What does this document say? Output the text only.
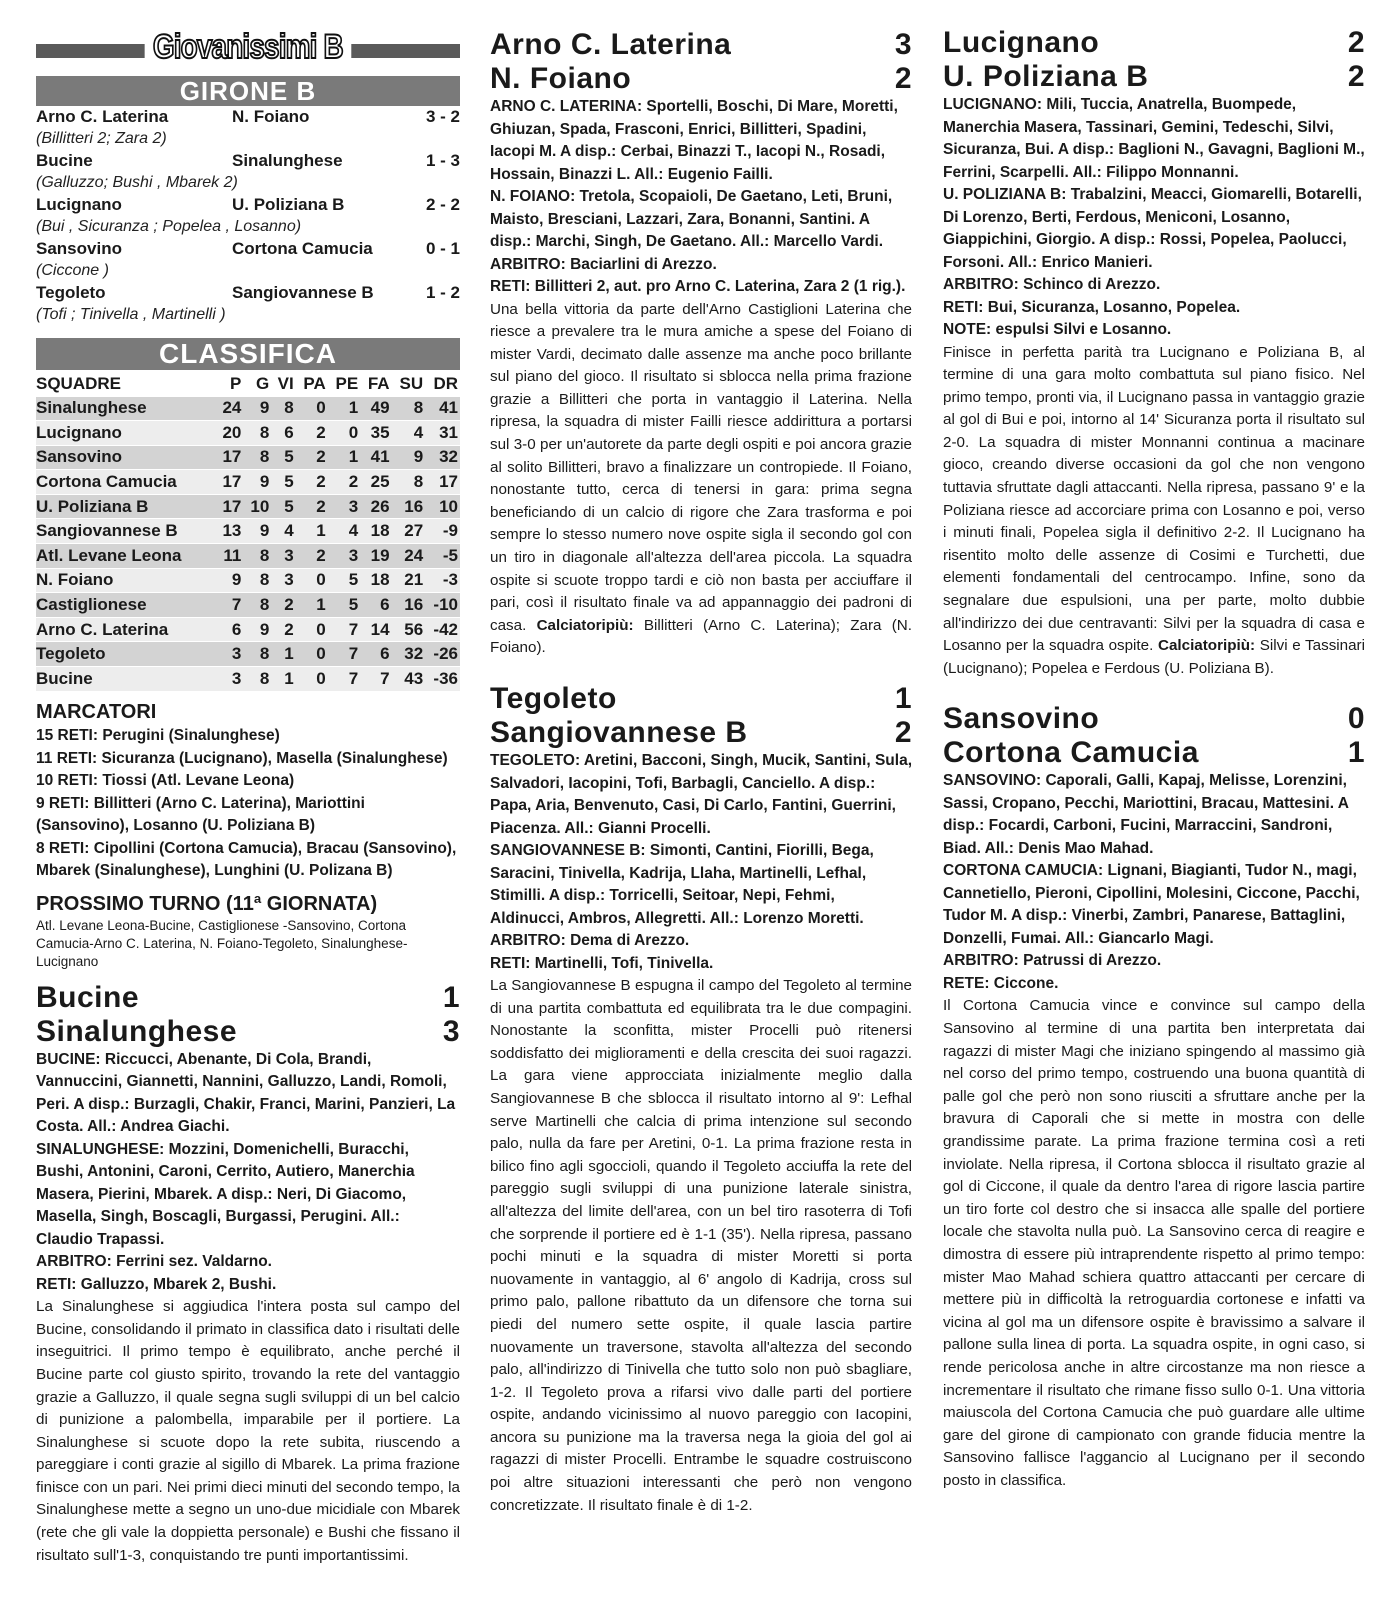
Giovanissimi B
GIRONE B
Arno C. Laterina	N. Foiano	3 - 2
(Billitteri 2; Zara 2)
Bucine	Sinalunghese	1 - 3
(Galluzzo; Bushi , Mbarek 2)
Lucignano	U. Poliziana B	2 - 2
(Bui , Sicuranza ; Popelea , Losanno)
Sansovino	Cortona Camucia	0 - 1
(Ciccone )
Tegoleto	Sangiovannese B	1 - 2
(Tofi ; Tinivella , Martinelli )
CLASSIFICA
SQUADRE	P	G	VI	PA	PE	FA	SU	DR
Sinalunghese	24	9	8	0	1	49	8	41
Lucignano	20	8	6	2	0	35	4	31
Sansovino	17	8	5	2	1	41	9	32
Cortona Camucia	17	9	5	2	2	25	8	17
U. Poliziana B	17	10	5	2	3	26	16	10
Sangiovannese B	13	9	4	1	4	18	27	-9
Atl. Levane Leona	11	8	3	2	3	19	24	-5
N. Foiano	9	8	3	0	5	18	21	-3
Castiglionese	7	8	2	1	5	6	16	-10
Arno C. Laterina	6	9	2	0	7	14	56	-42
Tegoleto	3	8	1	0	7	6	32	-26
Bucine	3	8	1	0	7	7	43	-36
MARCATORI
15 RETI: Perugini (Sinalunghese)
11 RETI: Sicuranza (Lucignano), Masella (Sinalunghese)
10 RETI: Tiossi (Atl. Levane Leona)
9 RETI: Billitteri (Arno C. Laterina), Mariottini (Sansovino), Losanno (U. Poliziana B)
8 RETI: Cipollini (Cortona Camucia), Bracau (Sansovino), Mbarek (Sinalunghese), Lunghini (U. Polizana B)
PROSSIMO TURNO (11ª GIORNATA)
Atl. Levane Leona-Bucine, Castiglionese -Sansovino, Cortona Camucia-Arno C. Laterina, N. Foiano-Tegoleto, Sinalunghese-Lucignano
Bucine	1
Sinalunghese	3
BUCINE: Riccucci, Abenante, Di Cola, Brandi, Vannuccini, Giannetti, Nannini, Galluzzo, Landi, Romoli, Peri. A disp.: Burzagli, Chakir, Franci, Marini, Panzieri, La Costa. All.: Andrea Giachi.
SINALUNGHESE: Mozzini, Domenichelli, Buracchi, Bushi, Antonini, Caroni, Cerrito, Autiero, Manerchia Masera, Pierini, Mbarek. A disp.: Neri, Di Giacomo, Masella, Singh, Boscagli, Burgassi, Perugini. All.: Claudio Trapassi.
ARBITRO: Ferrini sez. Valdarno.
RETI: Galluzzo, Mbarek 2, Bushi.
La Sinalunghese si aggiudica l'intera posta sul campo del Bucine, consolidando il primato in classifica dato i risultati delle inseguitrici. Il primo tempo è equilibrato, anche perché il Bucine parte col giusto spirito, trovando la rete del vantaggio grazie a Galluzzo, il quale segna sugli sviluppi di un bel calcio di punizione a palombella, imparabile per il portiere. La Sinalunghese si scuote dopo la rete subita, riuscendo a pareggiare i conti grazie al sigillo di Mbarek. La prima frazione finisce con un pari. Nei primi dieci minuti del secondo tempo, la Sinalunghese mette a segno un uno-due micidiale con Mbarek (rete che gli vale la doppietta personale) e Bushi che fissano il risultato sull'1-3, conquistando tre punti importantissimi.
Arno C. Laterina	3
N. Foiano	2
ARNO C. LATERINA: Sportelli, Boschi, Di Mare, Moretti, Ghiuzan, Spada, Frasconi, Enrici, Billitteri, Spadini, Iacopi M. A disp.: Cerbai, Binazzi T., Iacopi N., Rosadi, Hossain, Binazzi L. All.: Eugenio Failli.
N. FOIANO: Tretola, Scopaioli, De Gaetano, Leti, Bruni, Maisto, Bresciani, Lazzari, Zara, Bonanni, Santini. A disp.: Marchi, Singh, De Gaetano. All.: Marcello Vardi.
ARBITRO: Baciarlini di Arezzo.
RETI: Billitteri 2, aut. pro Arno C. Laterina, Zara 2 (1 rig.).
Una bella vittoria da parte dell'Arno Castiglioni Laterina che riesce a prevalere tra le mura amiche a spese del Foiano di mister Vardi, decimato dalle assenze ma anche poco brillante sul piano del gioco. Il risultato si sblocca nella prima frazione grazie a Billitteri che porta in vantaggio il Laterina. Nella ripresa, la squadra di mister Failli riesce addirittura a portarsi sul 3-0 per un'autorete da parte degli ospiti e poi ancora grazie al solito Billitteri, bravo a finalizzare un contropiede. Il Foiano, nonostante tutto, cerca di tenersi in gara: prima segna beneficiando di un calcio di rigore che Zara trasforma e poi sempre lo stesso numero nove ospite sigla il secondo gol con un tiro in diagonale all'altezza dell'area piccola. La squadra ospite si scuote troppo tardi e ciò non basta per acciuffare il pari, così il risultato finale va ad appannaggio dei padroni di casa. Calciatoripiù: Billitteri (Arno C. Laterina); Zara (N. Foiano).
Tegoleto	1
Sangiovannese B	2
TEGOLETO: Aretini, Bacconi, Singh, Mucik, Santini, Sula, Salvadori, Iacopini, Tofi, Barbagli, Canciello. A disp.: Papa, Aria, Benvenuto, Casi, Di Carlo, Fantini, Guerrini, Piacenza. All.: Gianni Procelli.
SANGIOVANNESE B: Simonti, Cantini, Fiorilli, Bega, Saracini, Tinivella, Kadrija, Llaha, Martinelli, Lefhal, Stimilli. A disp.: Torricelli, Seitoar, Nepi, Fehmi, Aldinucci, Ambros, Allegretti. All.: Lorenzo Moretti.
ARBITRO: Dema di Arezzo.
RETI: Martinelli, Tofi, Tinivella.
La Sangiovannese B espugna il campo del Tegoleto al termine di una partita combattuta ed equilibrata tra le due compagini. Nonostante la sconfitta, mister Procelli può ritenersi soddisfatto dei miglioramenti e della crescita dei suoi ragazzi. La gara viene approcciata inizialmente meglio dalla Sangiovannese B che sblocca il risultato intorno al 9': Lefhal serve Martinelli che calcia di prima intenzione sul secondo palo, nulla da fare per Aretini, 0-1. La prima frazione resta in bilico fino agli sgoccioli, quando il Tegoleto acciuffa la rete del pareggio sugli sviluppi di una punizione laterale sinistra, all'altezza del limite dell'area, con un bel tiro rasoterra di Tofi che sorprende il portiere ed è 1-1 (35'). Nella ripresa, passano pochi minuti e la squadra di mister Moretti si porta nuovamente in vantaggio, al 6' angolo di Kadrija, cross sul primo palo, pallone ribattuto da un difensore che torna sui piedi del numero sette ospite, il quale lascia partire nuovamente un traversone, stavolta all'altezza del secondo palo, all'indirizzo di Tinivella che tutto solo non può sbagliare, 1-2. Il Tegoleto prova a rifarsi vivo dalle parti del portiere ospite, andando vicinissimo al nuovo pareggio con Iacopini, ancora su punizione ma la traversa nega la gioia del gol ai ragazzi di mister Procelli. Entrambe le squadre costruiscono poi altre situazioni interessanti che però non vengono concretizzate. Il risultato finale è di 1-2.
Lucignano	2
U. Poliziana B	2
LUCIGNANO: Mili, Tuccia, Anatrella, Buompede, Manerchia Masera, Tassinari, Gemini, Tedeschi, Silvi, Sicuranza, Bui. A disp.: Baglioni N., Gavagni, Baglioni M., Ferrini, Scarpelli. All.: Filippo Monnanni.
U. POLIZIANA B: Trabalzini, Meacci, Giomarelli, Botarelli, Di Lorenzo, Berti, Ferdous, Meniconi, Losanno, Giappichini, Giorgio. A disp.: Rossi, Popelea, Paolucci, Forsoni. All.: Enrico Manieri.
ARBITRO: Schinco di Arezzo.
RETI: Bui, Sicuranza, Losanno, Popelea.
NOTE: espulsi Silvi e Losanno.
Finisce in perfetta parità tra Lucignano e Poliziana B, al termine di una gara molto combattuta sul piano fisico. Nel primo tempo, pronti via, il Lucignano passa in vantaggio grazie al gol di Bui e poi, intorno al 14' Sicuranza porta il risultato sul 2-0. La squadra di mister Monnanni continua a macinare gioco, creando diverse occasioni da gol che non vengono tuttavia sfruttate dagli attaccanti. Nella ripresa, passano 9' e la Poliziana riesce ad accorciare prima con Losanno e poi, verso i minuti finali, Popelea sigla il definitivo 2-2. Il Lucignano ha risentito molto delle assenze di Cosimi e Turchetti, due elementi fondamentali del centrocampo. Infine, sono da segnalare due espulsioni, una per parte, molto dubbie all'indirizzo dei due centravanti: Silvi per la squadra di casa e Losanno per la squadra ospite. Calciatoripiù: Silvi e Tassinari (Lucignano); Popelea e Ferdous (U. Poliziana B).
Sansovino	0
Cortona Camucia	1
SANSOVINO: Caporali, Galli, Kapaj, Melisse, Lorenzini, Sassi, Cropano, Pecchi, Mariottini, Bracau, Mattesini. A disp.: Focardi, Carboni, Fucini, Marraccini, Sandroni, Biad. All.: Denis Mao Mahad.
CORTONA CAMUCIA: Lignani, Biagianti, Tudor N., magi, Cannetiello, Pieroni, Cipollini, Molesini, Ciccone, Pacchi, Tudor M. A disp.: Vinerbi, Zambri, Panarese, Battaglini, Donzelli, Fumai. All.: Giancarlo Magi.
ARBITRO: Patrussi di Arezzo.
RETE: Ciccone.
Il Cortona Camucia vince e convince sul campo della Sansovino al termine di una partita ben interpretata dai ragazzi di mister Magi che iniziano spingendo al massimo già nel corso del primo tempo, costruendo una buona quantità di palle gol che però non sono riusciti a sfruttare anche per la bravura di Caporali che si mette in mostra con delle grandissime parate. La prima frazione termina così a reti inviolate. Nella ripresa, il Cortona sblocca il risultato grazie al gol di Ciccone, il quale da dentro l'area di rigore lascia partire un tiro forte col destro che si insacca alle spalle del portiere locale che stavolta nulla può. La Sansovino cerca di reagire e dimostra di essere più intraprendente rispetto al primo tempo: mister Mao Mahad schiera quattro attaccanti per cercare di mettere più in difficoltà la retroguardia cortonese e infatti va vicina al gol ma un difensore ospite è bravissimo a salvare il pallone sulla linea di porta. La squadra ospite, in ogni caso, si rende pericolosa anche in altre circostanze ma non riesce a incrementare il risultato che rimane fisso sullo 0-1. Una vittoria maiuscola del Cortona Camucia che può guardare alle ultime gare del girone di campionato con grande fiducia mentre la Sansovino fallisce l'aggancio al Lucignano per il secondo posto in classifica.
